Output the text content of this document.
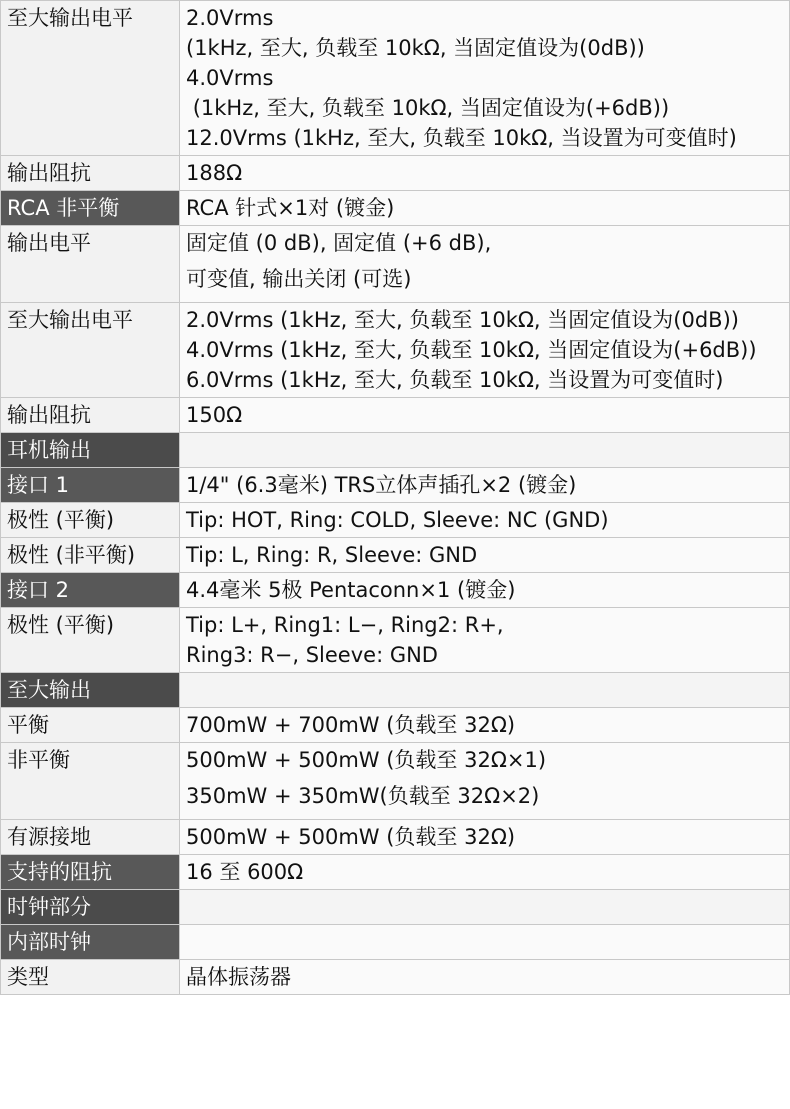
至大输出电平	2.0Vrms
(1kHz, 至大, 负载至 10kΩ, 当固定值设为(0dB))
4.0Vrms
(1kHz, 至大, 负载至 10kΩ, 当固定值设为(+6dB))
12.0Vrms (1kHz, 至大, 负载至 10kΩ, 当设置为可变值时)

输出阻抗	188Ω

RCA 非平衡	RCA 针式×1对 (镀金)

输出电平	固定值 (0 dB), 固定值 (+6 dB),
可变值, 输出关闭 (可选)

至大输出电平	2.0Vrms (1kHz, 至大, 负载至 10kΩ, 当固定值设为(0dB))
4.0Vrms (1kHz, 至大, 负载至 10kΩ, 当固定值设为(+6dB))
6.0Vrms (1kHz, 至大, 负载至 10kΩ, 当设置为可变值时)

输出阻抗	150Ω

耳机输出	
接口 1	1/4" (6.3毫米) TRS立体声插孔×2 (镀金)

极性 (平衡)	Tip: HOT, Ring: COLD, Sleeve: NC (GND)

极性 (非平衡)	Tip: L, Ring: R, Sleeve: GND

接口 2	4.4毫米 5极 Pentaconn×1 (镀金)

极性 (平衡)	Tip: L+, Ring1: L−, Ring2: R+,
Ring3: R−, Sleeve: GND

至大输出	
平衡	700mW + 700mW (负载至 32Ω)

非平衡	500mW + 500mW (负载至 32Ω×1)
350mW + 350mW(负载至 32Ω×2)

有源接地	500mW + 500mW (负载至 32Ω)

支持的阻抗	16 至 600Ω

时钟部分	
内部时钟	
类型	晶体振荡器
